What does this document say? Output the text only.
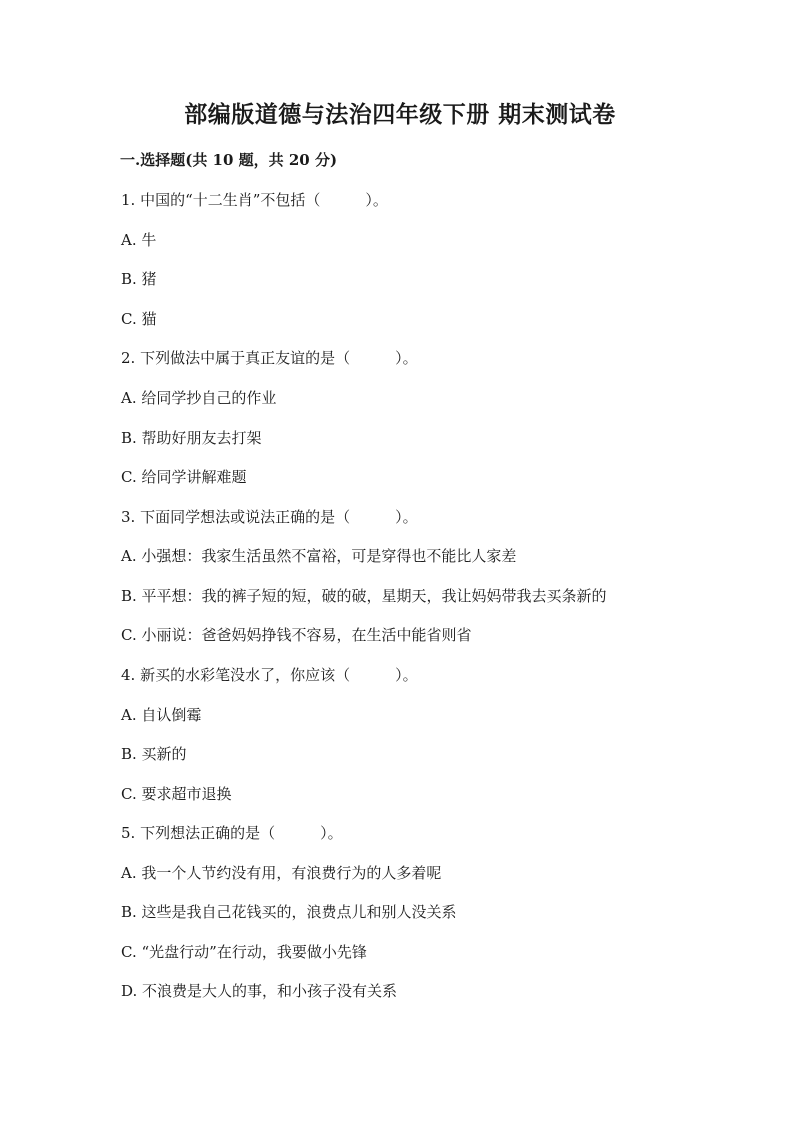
部编版道德与法治四年级下册 期末测试卷
一.选择题(共 10 题，共 20 分)
1. 中国的“十二生肖”不包括（　　　）。
A. 牛
B. 猪
C. 猫
2. 下列做法中属于真正友谊的是（　　　）。
A. 给同学抄自己的作业
B. 帮助好朋友去打架
C. 给同学讲解难题
3. 下面同学想法或说法正确的是（　　　）。
A. 小强想：我家生活虽然不富裕，可是穿得也不能比人家差
B. 平平想：我的裤子短的短，破的破，星期天，我让妈妈带我去买条新的
C. 小丽说：爸爸妈妈挣钱不容易，在生活中能省则省
4. 新买的水彩笔没水了，你应该（　　　）。
A. 自认倒霉
B. 买新的
C. 要求超市退换
5. 下列想法正确的是（　　　）。
A. 我一个人节约没有用，有浪费行为的人多着呢
B. 这些是我自己花钱买的，浪费点儿和别人没关系
C. “光盘行动”在行动，我要做小先锋
D. 不浪费是大人的事，和小孩子没有关系
